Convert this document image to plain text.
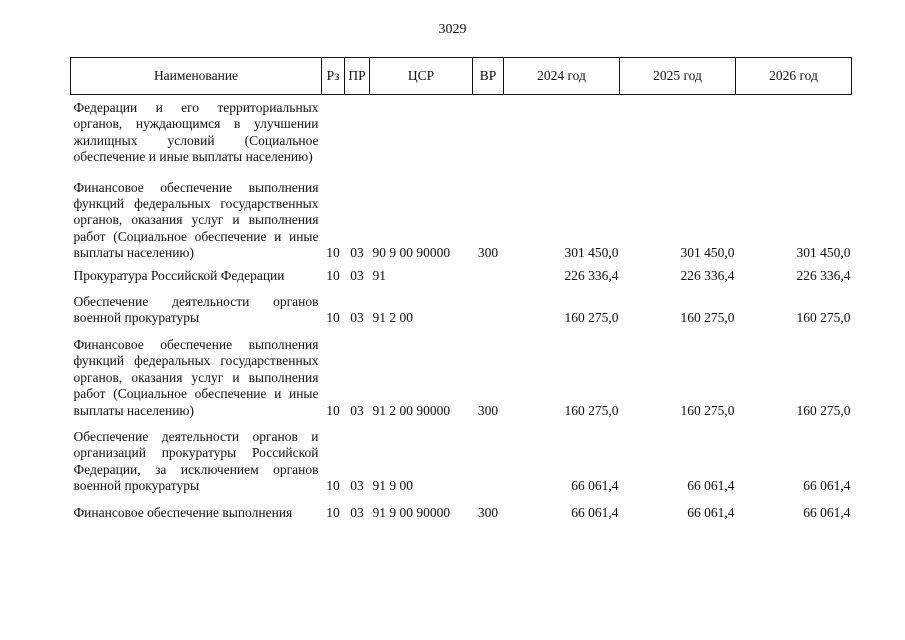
3029
Наименование	Рз	ПР	ЦСР	ВР	2024 год	2025 год	2026 год

Федерации и его территориальных органов, нуждающимся в улучшении жилищных условий (Социальное обеспечение и иные выплаты населению)							

Финансовое обеспечение выполнения функций федеральных государственных органов, оказания услуг и выполнения работ (Социальное обеспечение и иные выплаты населению)	10	03	90 9 00 90000	300	301 450,0	301 450,0	301 450,0

Прокуратура Российской Федерации	10	03	91		226 336,4	226 336,4	226 336,4

Обеспечение деятельности органов военной прокуратуры	10	03	91 2 00		160 275,0	160 275,0	160 275,0

Финансовое обеспечение выполнения функций федеральных государственных органов, оказания услуг и выполнения работ (Социальное обеспечение и иные выплаты населению)	10	03	91 2 00 90000	300	160 275,0	160 275,0	160 275,0

Обеспечение деятельности органов и организаций прокуратуры Российской Федерации, за исключением органов военной прокуратуры	10	03	91 9 00		66 061,4	66 061,4	66 061,4

Финансовое обеспечение выполнения	10	03	91 9 00 90000	300	66 061,4	66 061,4	66 061,4
